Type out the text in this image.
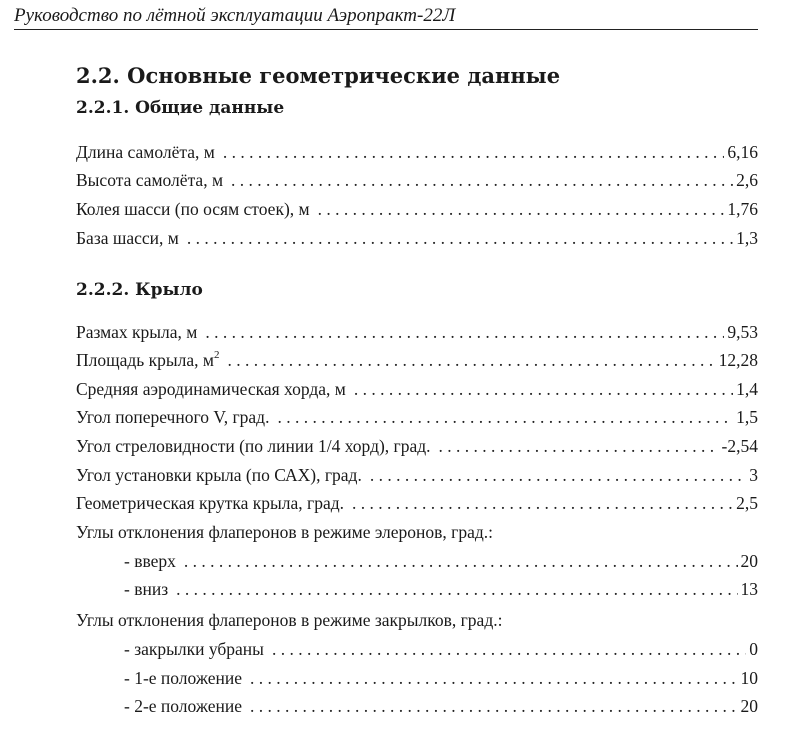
Руководство по лётной эксплуатации Аэропракт-22Л
2.2. Основные геометрические данные
2.2.1. Общие данные
Длина самолёта, м . . .	6,16
Высота самолёта, м . . .	2,6
Колея шасси (по осям стоек), м . . .	1,76
База шасси, м . . .	1,3
2.2.2. Крыло
Размах крыла, м . . .	9,53
Площадь крыла, $м^2$ . . .	12,28
Средняя аэродинамическая хорда, м . . .	1,4
Угол поперечного V, град. . . .	1,5
Угол стреловидности (по линии 1/4 хорд), град. . . .	-2,54
Угол установки крыла (по САХ), град. . . .	3
Геометрическая крутка крыла, град. . . .	2,5
Углы отклонения флаперонов в режиме элеронов, град.:
- вверх . . .	20
- вниз . . .	13
Углы отклонения флаперонов в режиме закрылков, град.:
- закрылки убраны . . .	0
- 1-е положение . . .	10
- 2-е положение . . .	20
